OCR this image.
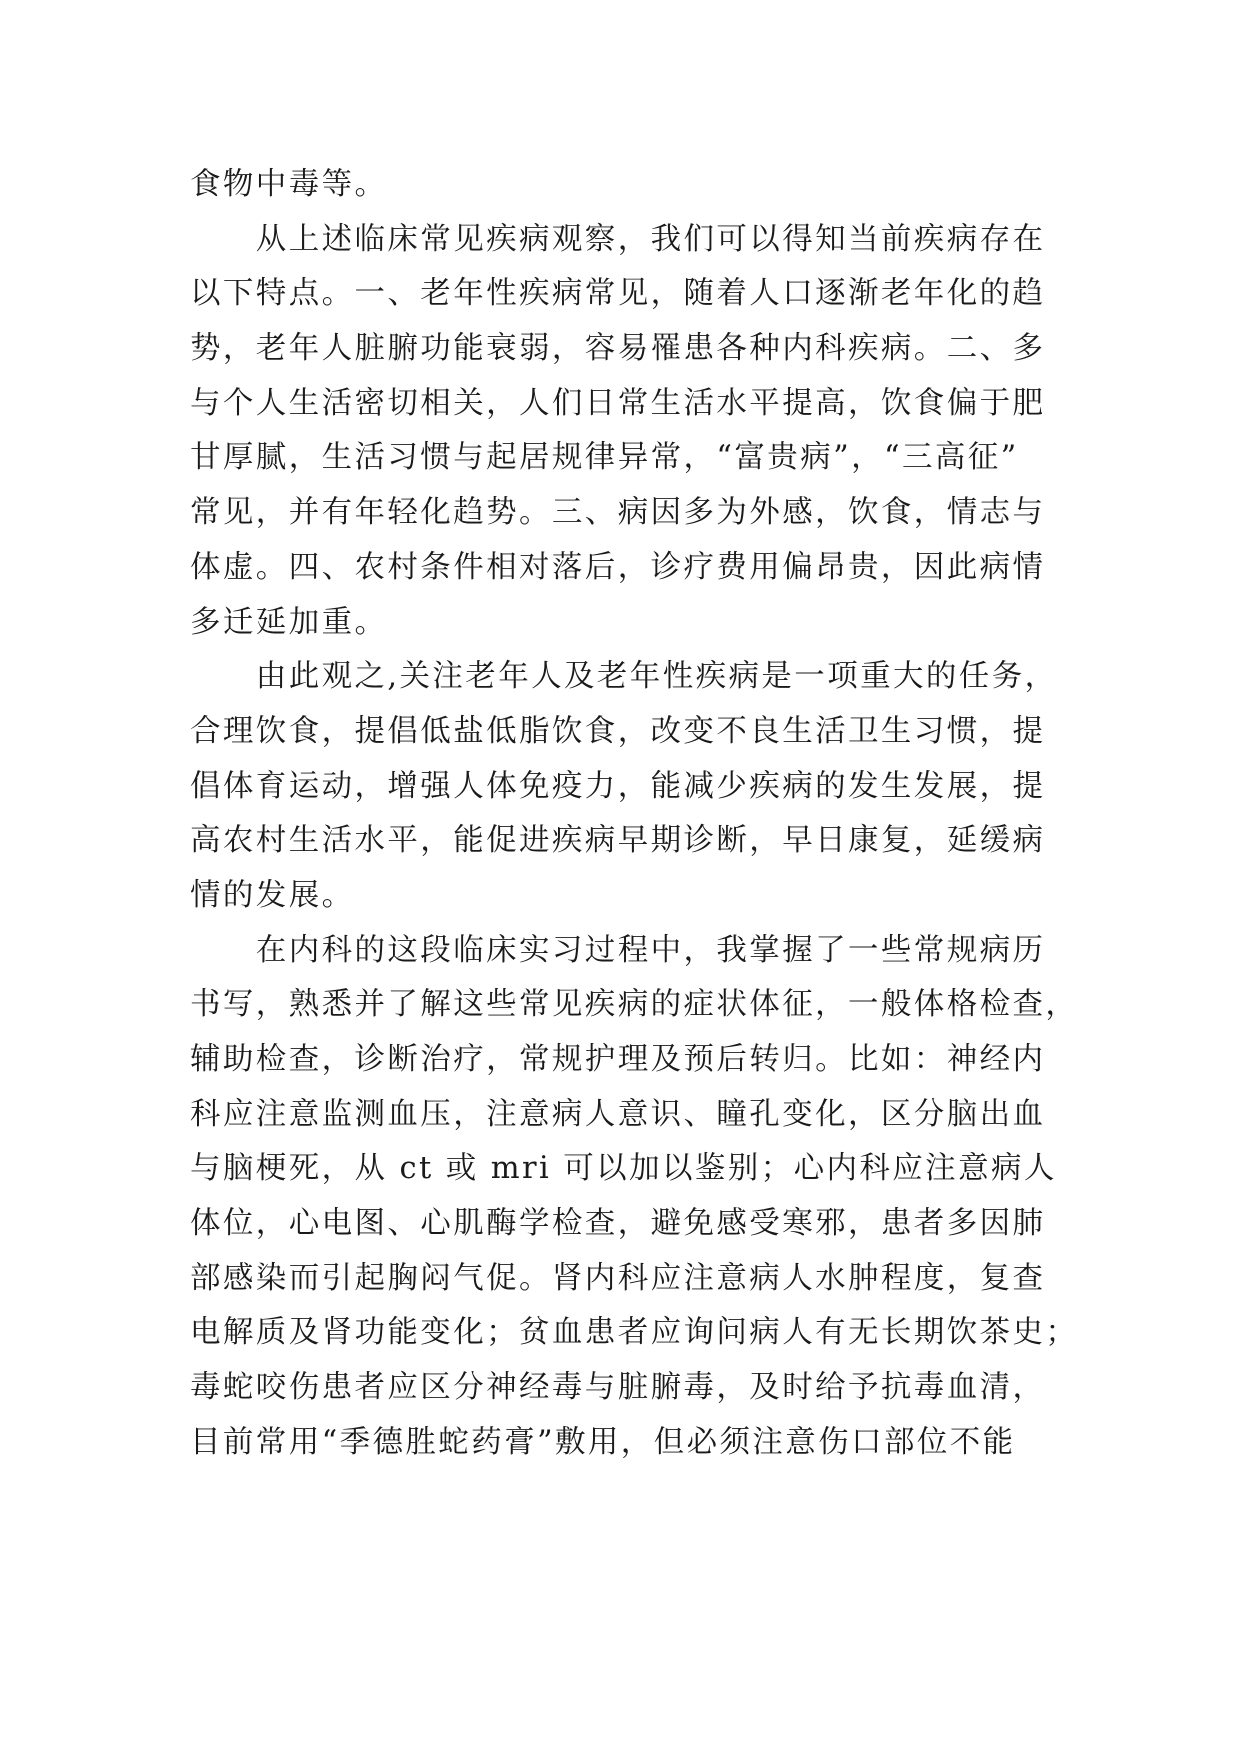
食物中毒等。
　　从上述临床常见疾病观察，我们可以得知当前疾病存在
以下特点。一、老年性疾病常见，随着人口逐渐老年化的趋
势，老年人脏腑功能衰弱，容易罹患各种内科疾病。二、多
与个人生活密切相关，人们日常生活水平提高，饮食偏于肥
甘厚腻，生活习惯与起居规律异常，“富贵病”，“三高征”
常见，并有年轻化趋势。三、病因多为外感，饮食，情志与
体虚。四、农村条件相对落后，诊疗费用偏昂贵，因此病情
多迁延加重。
　　由此观之,关注老年人及老年性疾病是一项重大的任务，
合理饮食，提倡低盐低脂饮食，改变不良生活卫生习惯，提
倡体育运动，增强人体免疫力，能减少疾病的发生发展，提
高农村生活水平，能促进疾病早期诊断，早日康复，延缓病
情的发展。
　　在内科的这段临床实习过程中，我掌握了一些常规病历
书写，熟悉并了解这些常见疾病的症状体征，一般体格检查，
辅助检查，诊断治疗，常规护理及预后转归。比如：神经内
科应注意监测血压，注意病人意识、瞳孔变化，区分脑出血
与脑梗死，从 ct 或 mri 可以加以鉴别；心内科应注意病人
体位，心电图、心肌酶学检查，避免感受寒邪，患者多因肺
部感染而引起胸闷气促。肾内科应注意病人水肿程度，复查
电解质及肾功能变化；贫血患者应询问病人有无长期饮茶史；
毒蛇咬伤患者应区分神经毒与脏腑毒，及时给予抗毒血清，
目前常用“季德胜蛇药膏”敷用，但必须注意伤口部位不能
